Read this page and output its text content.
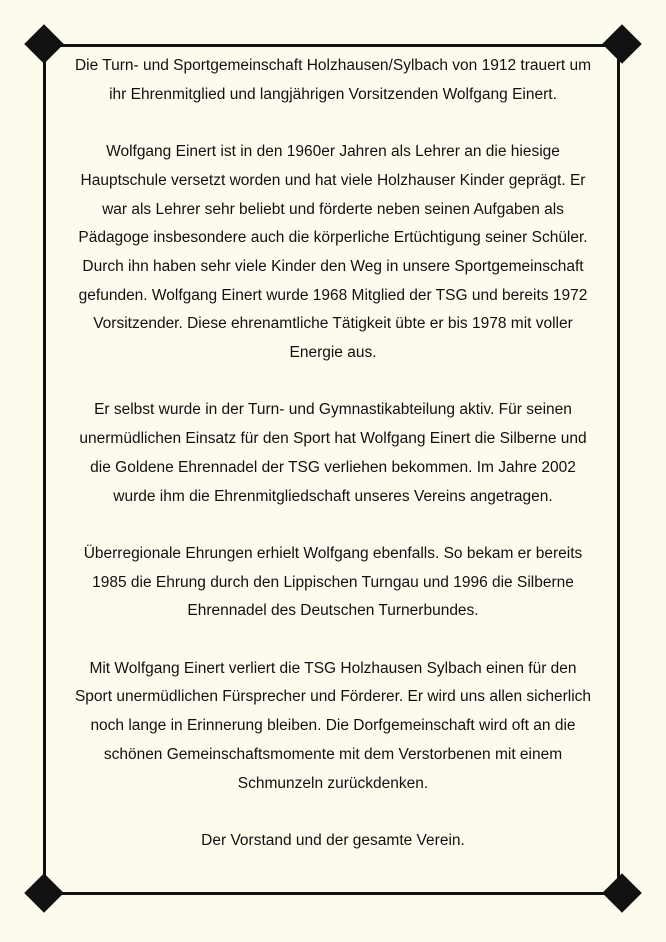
Die Turn- und Sportgemeinschaft Holzhausen/Sylbach von 1912 trauert um
ihr Ehrenmitglied und langjährigen Vorsitzenden Wolfgang Einert.

Wolfgang Einert ist in den 1960er Jahren als Lehrer an die hiesige
Hauptschule versetzt worden und hat viele Holzhauser Kinder geprägt. Er
war als Lehrer sehr beliebt und förderte neben seinen Aufgaben als
Pädagoge insbesondere auch die körperliche Ertüchtigung seiner Schüler.
Durch ihn haben sehr viele Kinder den Weg in unsere Sportgemeinschaft
gefunden. Wolfgang Einert wurde 1968 Mitglied der TSG und bereits 1972
Vorsitzender. Diese ehrenamtliche Tätigkeit übte er bis 1978 mit voller
Energie aus.

Er selbst wurde in der Turn- und Gymnastikabteilung aktiv. Für seinen
unermüdlichen Einsatz für den Sport hat Wolfgang Einert die Silberne und
die Goldene Ehrennadel der TSG verliehen bekommen. Im Jahre 2002
wurde ihm die Ehrenmitgliedschaft unseres Vereins angetragen.

Überregionale Ehrungen erhielt Wolfgang ebenfalls. So bekam er bereits
1985 die Ehrung durch den Lippischen Turngau und 1996 die Silberne
Ehrennadel des Deutschen Turnerbundes.

Mit Wolfgang Einert verliert die TSG Holzhausen Sylbach einen für den
Sport unermüdlichen Fürsprecher und Förderer. Er wird uns allen sicherlich
noch lange in Erinnerung bleiben. Die Dorfgemeinschaft wird oft an die
schönen Gemeinschaftsmomente mit dem Verstorbenen mit einem
Schmunzeln zurückdenken.

Der Vorstand und der gesamte Verein.
